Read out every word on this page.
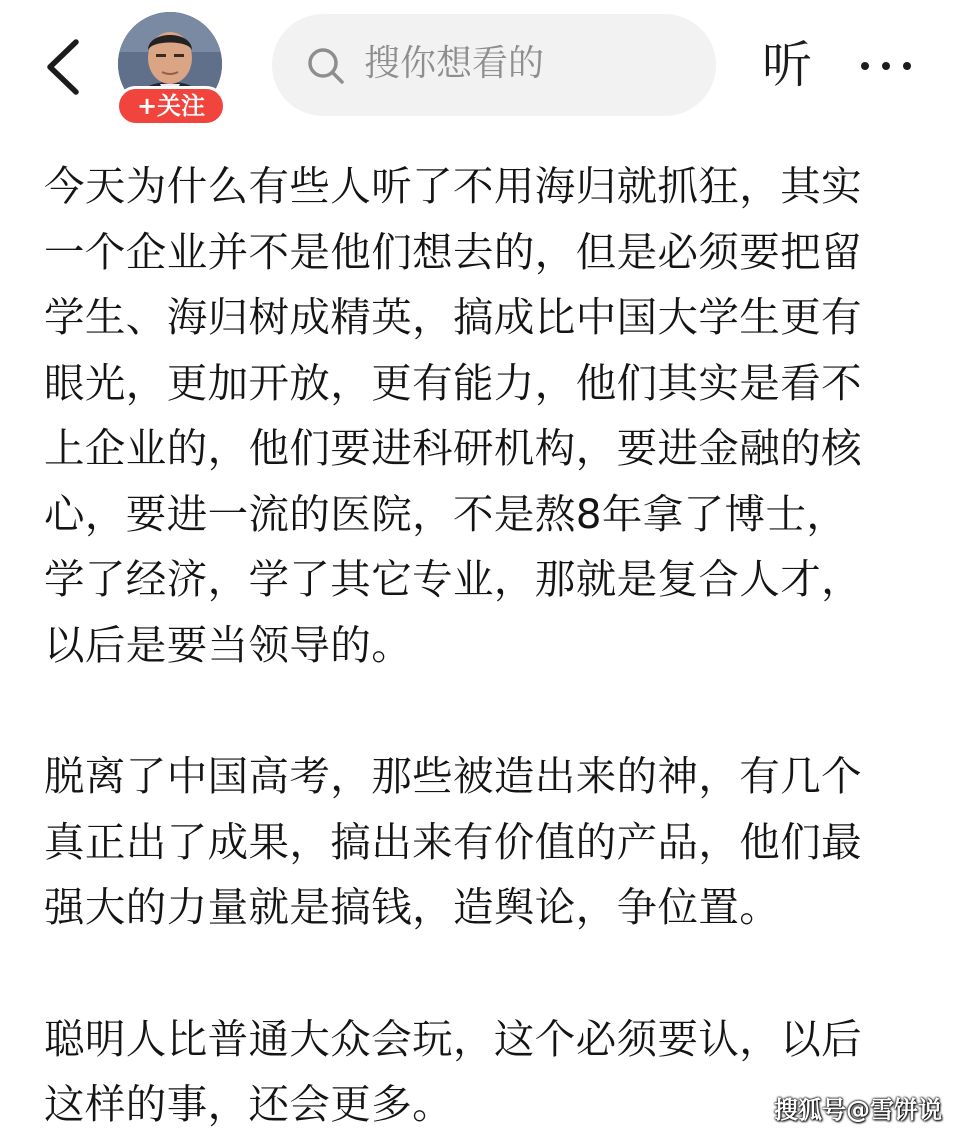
+关注
搜你想看的	听

今天为什么有些人听了不用海归就抓狂，其实
一个企业并不是他们想去的，但是必须要把留
学生、海归树成精英，搞成比中国大学生更有
眼光，更加开放，更有能力，他们其实是看不
上企业的，他们要进科研机构，要进金融的核
心，要进一流的医院，不是熬8年拿了博士，
学了经济，学了其它专业，那就是复合人才，
以后是要当领导的。

脱离了中国高考，那些被造出来的神，有几个
真正出了成果，搞出来有价值的产品，他们最
强大的力量就是搞钱，造舆论，争位置。

聪明人比普通大众会玩，这个必须要认，以后
这样的事，还会更多。	搜狐号@雪饼说
